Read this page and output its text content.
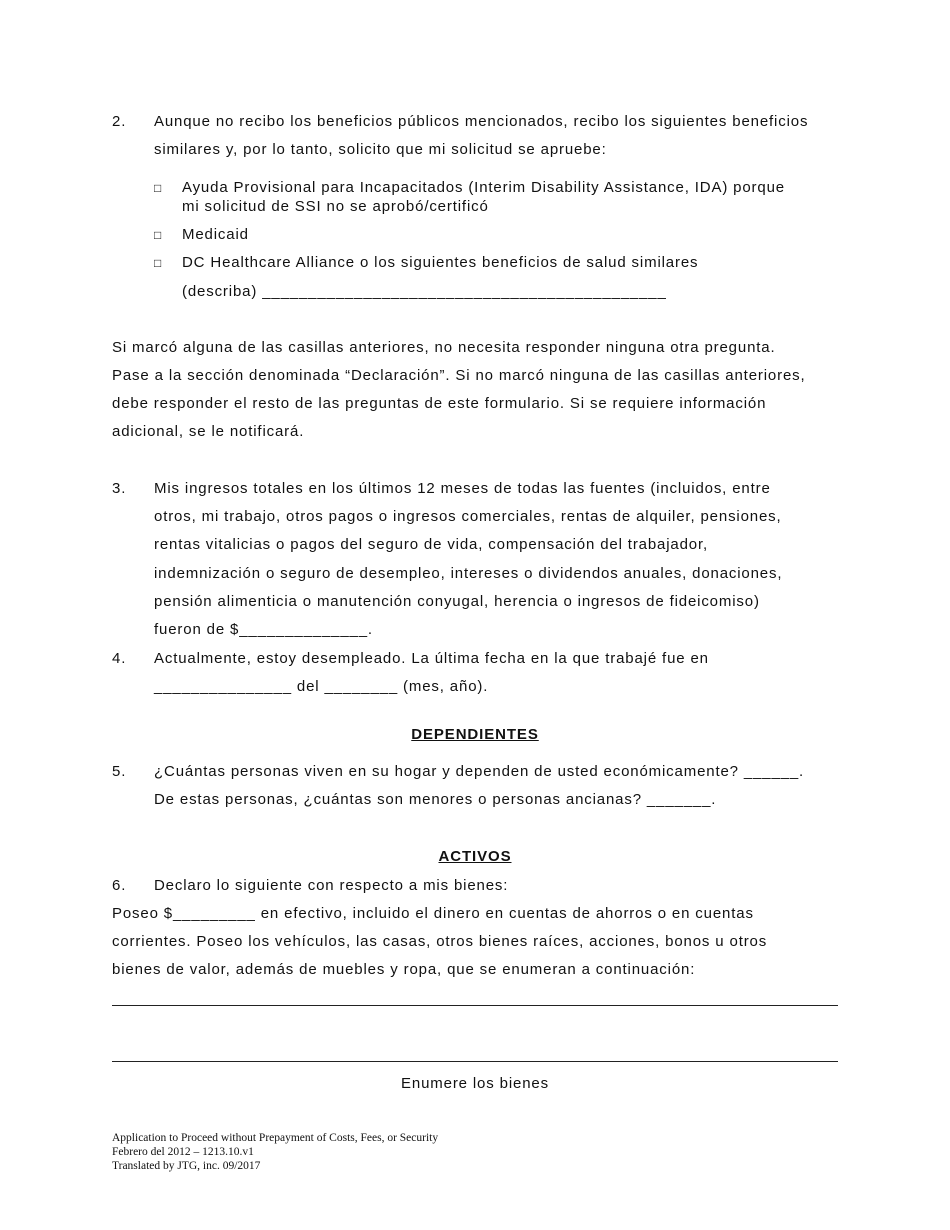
2. Aunque no recibo los beneficios públicos mencionados, recibo los siguientes beneficios
similares y, por lo tanto, solicito que mi solicitud se apruebe:
□ Ayuda Provisional para Incapacitados (Interim Disability Assistance, IDA) porque
mi solicitud de SSI no se aprobó/certificó
□ Medicaid
□ DC Healthcare Alliance o los siguientes beneficios de salud similares
(describa) ____________________________________________
Si marcó alguna de las casillas anteriores, no necesita responder ninguna otra pregunta.
Pase a la sección denominada “Declaración”. Si no marcó ninguna de las casillas anteriores,
debe responder el resto de las preguntas de este formulario. Si se requiere información
adicional, se le notificará.
3. Mis ingresos totales en los últimos 12 meses de todas las fuentes (incluidos, entre
otros, mi trabajo, otros pagos o ingresos comerciales, rentas de alquiler, pensiones,
rentas vitalicias o pagos del seguro de vida, compensación del trabajador,
indemnización o seguro de desempleo, intereses o dividendos anuales, donaciones,
pensión alimenticia o manutención conyugal, herencia o ingresos de fideicomiso)
fueron de $______________.
4. Actualmente, estoy desempleado. La última fecha en la que trabajé fue en
_______________ del ________ (mes, año).
DEPENDIENTES
5. ¿Cuántas personas viven en su hogar y dependen de usted económicamente? ______.
De estas personas, ¿cuántas son menores o personas ancianas? _______.
ACTIVOS
6. Declaro lo siguiente con respecto a mis bienes:
Poseo $_________ en efectivo, incluido el dinero en cuentas de ahorros o en cuentas
corrientes. Poseo los vehículos, las casas, otros bienes raíces, acciones, bonos u otros
bienes de valor, además de muebles y ropa, que se enumeran a continuación:
Enumere los bienes
Application to Proceed without Prepayment of Costs, Fees, or Security
Febrero del 2012 – 1213.10.v1
Translated by JTG, inc. 09/2017
